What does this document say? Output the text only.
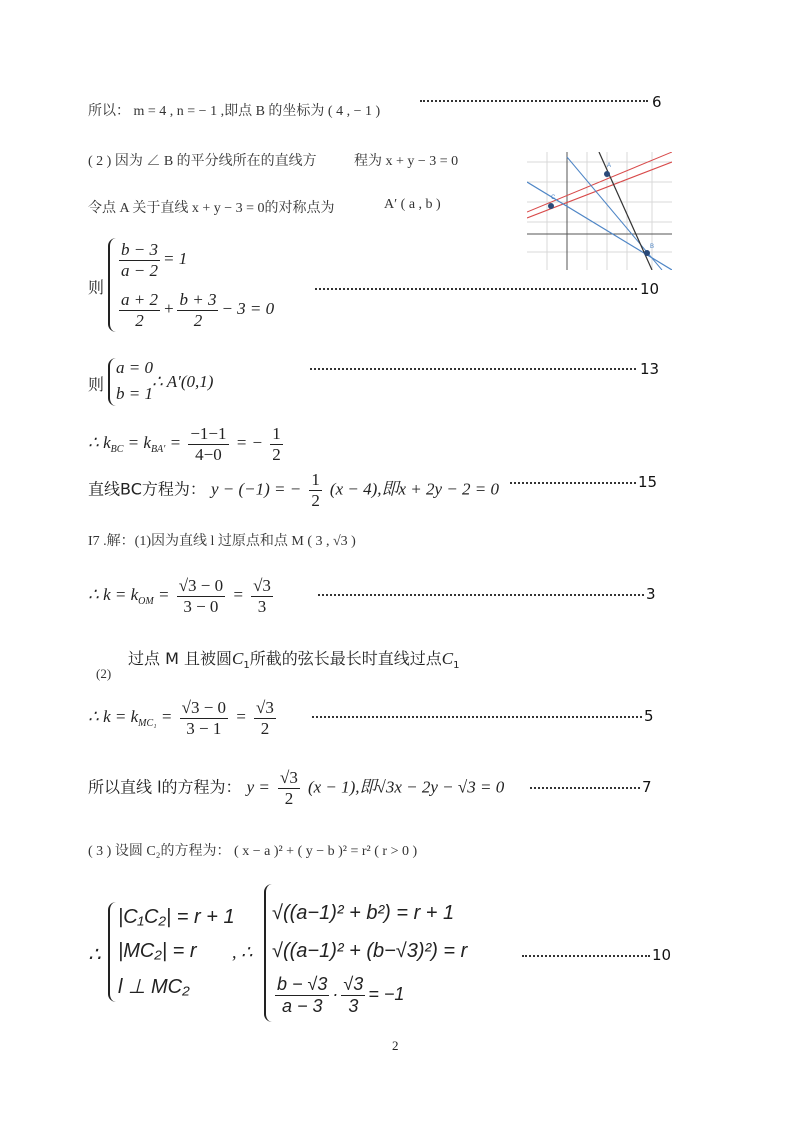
所以： m = 4 , n = − 1 ,即点 B 的坐标为 ( 4 , − 1 )
6
( 2 ) 因为 ∠ B 的平分线所在的直线方	程为 x + y − 3 = 0
令点 A 关于直线 x + y − 3 = 0的对称点为	A′ ( a , b )	C
A
B
则
$\frac{b - 3}{a - 2} = 1$
$\frac{a + 2}{2} + \frac{b + 3}{2} - 3 = 0$
10
则
a = 0
b = 1
∴ A′(0,1)
13
∴ $k_{BC} = k_{BA'} = \frac{-1-1}{4-0}$ = − $\frac{1}{2}$
直线BC方程为： y − (−1) = − $\frac{1}{2} (x - 4)$,即x + 2y − 2 = 0	15
I7 .解：(1)因为直线 l 过原点和点 M ( 3 , √3 )
∴ $k = k_{OM} = \frac{√3 - 0}{3 - 0} = \frac{√3}{3}$	3
(2)
过点 M 且被圆$C_1$所截的弦长最长时直线过点$C_1$
∴ $k = k_{MC_1} = \frac{√3 - 0}{3 - 1} = \frac{√3}{2}$	5
所以直线 l的方程为： $y = \frac{√3}{2} (x - 1)$,即√3x − 2y − √3 = 0	7
( 3 ) 设圆 C₂的方程为： ( x − a )² + ( y − b )² = r² ( r > 0 )
∴
|C₁C₂| = r + 1
|MC₂| = r
l ⊥ MC₂
, ∴
√((a−1)² + b²) = r + 1
√((a−1)² + (b−√3)²) = r
$\frac{b - √3}{a - 3} \cdot \frac{√3}{3} = -1$
10
2
